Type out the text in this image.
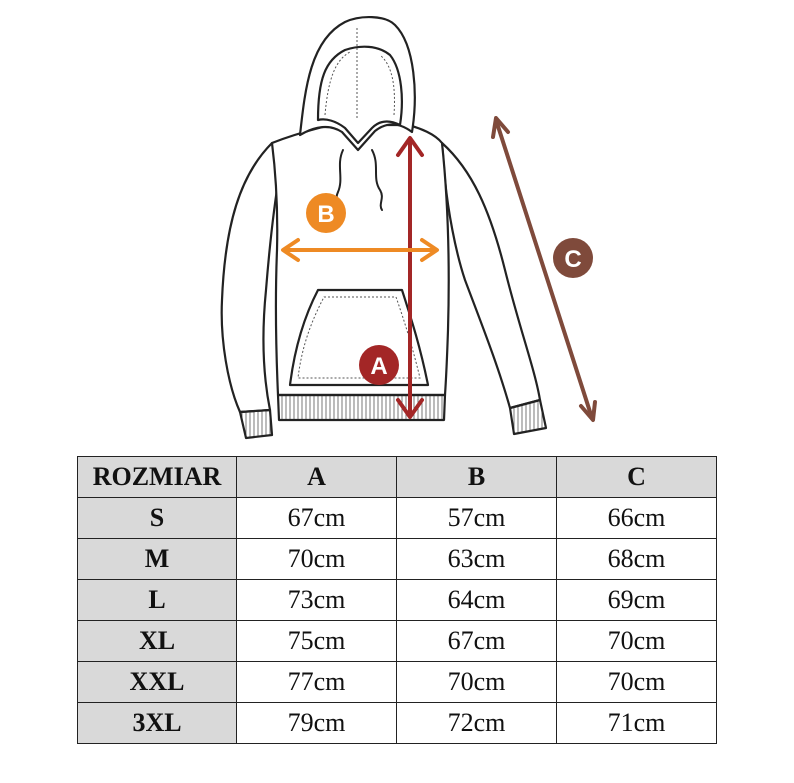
A
B
C
ROZMIAR	A	B	C
S	67cm	57cm	66cm
M	70cm	63cm	68cm
L	73cm	64cm	69cm
XL	75cm	67cm	70cm
XXL	77cm	70cm	70cm
3XL	79cm	72cm	71cm
